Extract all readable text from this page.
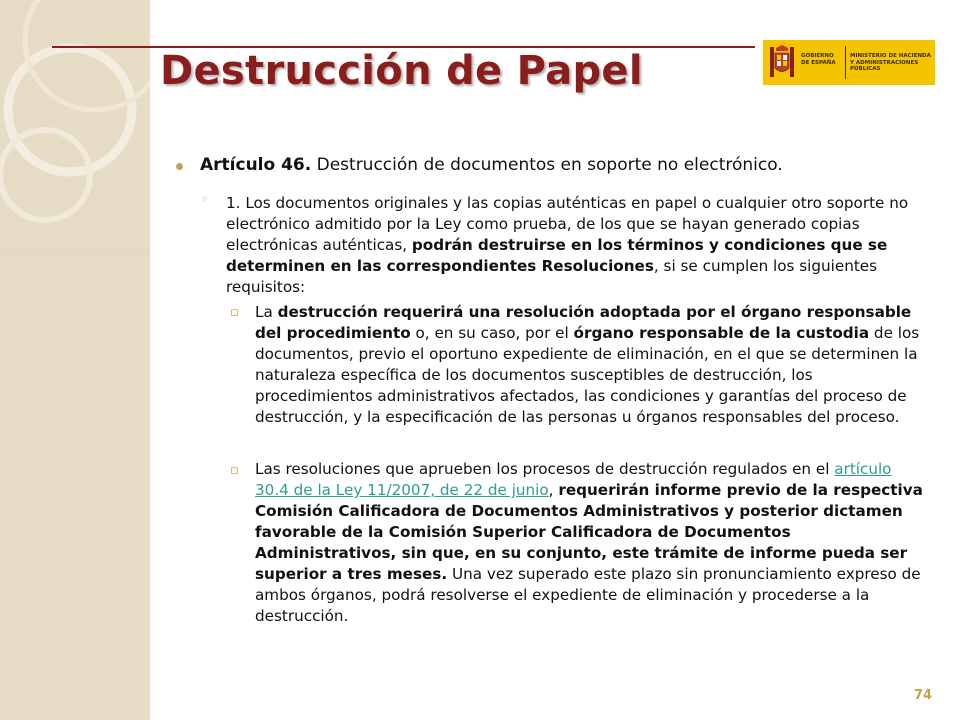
Destrucción de Papel	GOBIERNO DE ESPAÑA
MINISTERIO DE HACIENDA Y ADMINISTRACIONES PÚBLICAS
Artículo 46. Destrucción de documentos en soporte no electrónico.
◦ 1. Los documentos originales y las copias auténticas en papel o cualquier otro soporte no electrónico admitido por la Ley como prueba, de los que se hayan generado copias electrónicas auténticas, podrán destruirse en los términos y condiciones que se determinen en las correspondientes Resoluciones, si se cumplen los siguientes requisitos:
▫ La destrucción requerirá una resolución adoptada por el órgano responsable del procedimiento o, en su caso, por el órgano responsable de la custodia de los documentos, previo el oportuno expediente de eliminación, en el que se determinen la naturaleza específica de los documentos susceptibles de destrucción, los procedimientos administrativos afectados, las condiciones y garantías del proceso de destrucción, y la especificación de las personas u órganos responsables del proceso.
▫ Las resoluciones que aprueben los procesos de destrucción regulados en el artículo 30.4 de la Ley 11/2007, de 22 de junio, requerirán informe previo de la respectiva Comisión Calificadora de Documentos Administrativos y posterior dictamen favorable de la Comisión Superior Calificadora de Documentos Administrativos, sin que, en su conjunto, este trámite de informe pueda ser superior a tres meses. Una vez superado este plazo sin pronunciamiento expreso de ambos órganos, podrá resolverse el expediente de eliminación y procederse a la destrucción.
74
